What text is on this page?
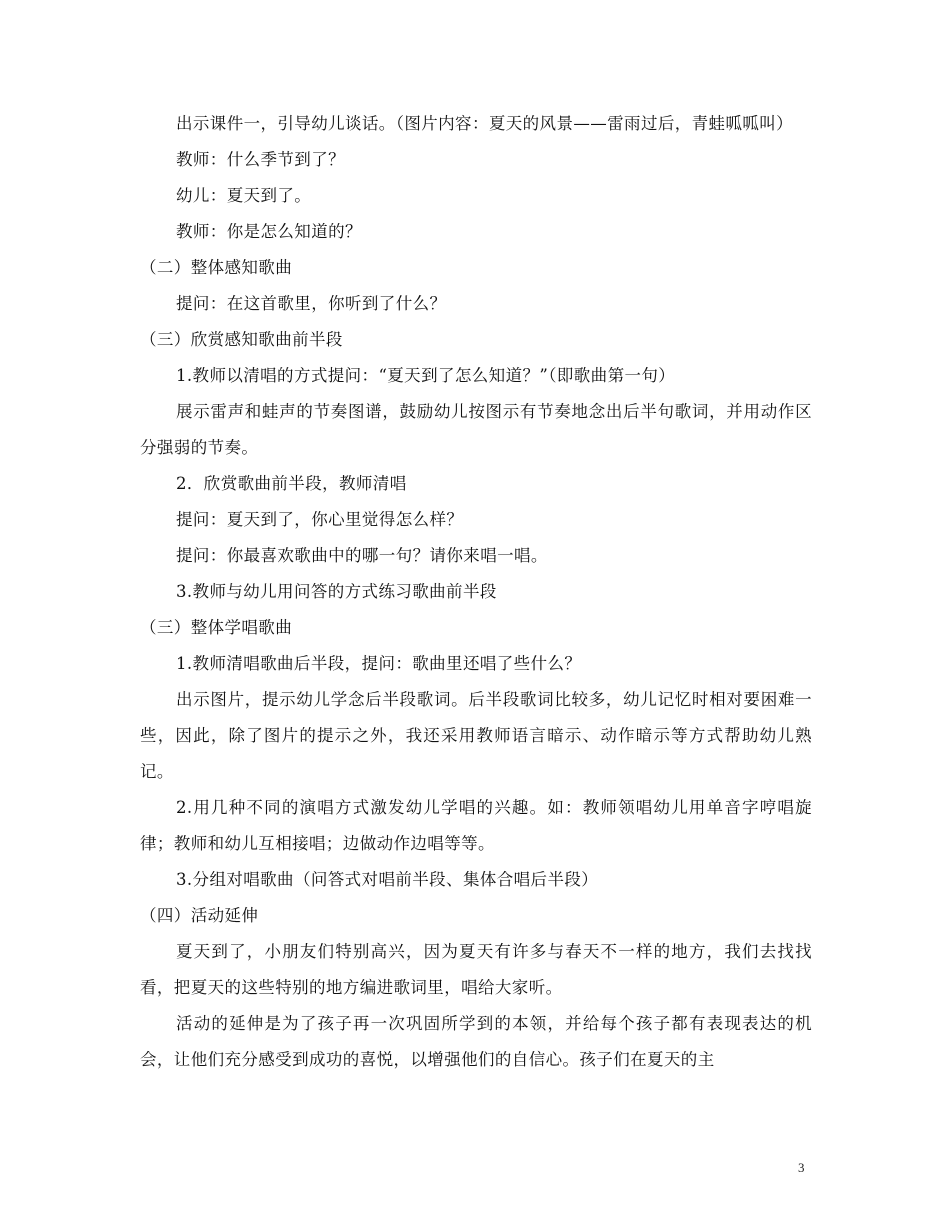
出示课件一，引导幼儿谈话。（图片内容：夏天的风景——雷雨过后，青蛙呱呱叫）

教师：什么季节到了？

幼儿：夏天到了。

教师：你是怎么知道的？

（二）整体感知歌曲

提问：在这首歌里，你听到了什么？

（三）欣赏感知歌曲前半段

1.教师以清唱的方式提问：“夏天到了怎么知道？”（即歌曲第一句）

展示雷声和蛙声的节奏图谱，鼓励幼儿按图示有节奏地念出后半句歌词，并用动作区分强弱的节奏。

2．欣赏歌曲前半段，教师清唱

提问：夏天到了，你心里觉得怎么样？

提问：你最喜欢歌曲中的哪一句？请你来唱一唱。

3.教师与幼儿用问答的方式练习歌曲前半段

（三）整体学唱歌曲

1.教师清唱歌曲后半段，提问：歌曲里还唱了些什么？

出示图片，提示幼儿学念后半段歌词。后半段歌词比较多，幼儿记忆时相对要困难一些，因此，除了图片的提示之外，我还采用教师语言暗示、动作暗示等方式帮助幼儿熟记。

2.用几种不同的演唱方式激发幼儿学唱的兴趣。如：教师领唱幼儿用单音字哼唱旋律；教师和幼儿互相接唱；边做动作边唱等等。

3.分组对唱歌曲（问答式对唱前半段、集体合唱后半段）

（四）活动延伸

夏天到了，小朋友们特别高兴，因为夏天有许多与春天不一样的地方，我们去找找看，把夏天的这些特别的地方编进歌词里，唱给大家听。

活动的延伸是为了孩子再一次巩固所学到的本领，并给每个孩子都有表现表达的机会，让他们充分感受到成功的喜悦，以增强他们的自信心。孩子们在夏天的主

3
